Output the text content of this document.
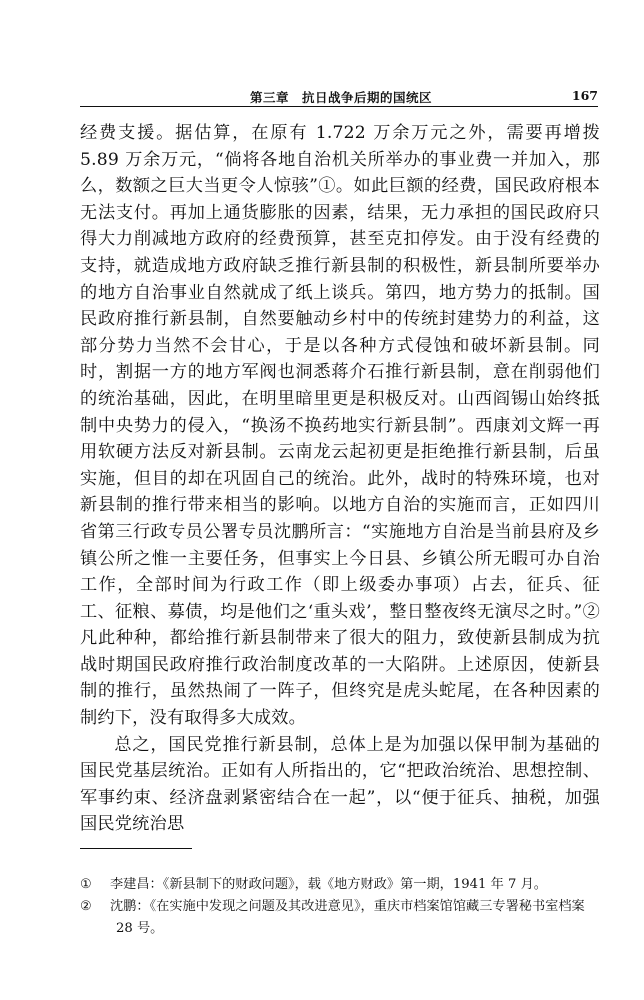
第三章　抗日战争后期的国统区	167

经费支援。据估算，在原有 1.722 万余万元之外，需要再增拨 5.89 万余万元，“倘将各地自治机关所举办的事业费一并加入，那么，数额之巨大当更令人惊骇”①。如此巨额的经费，国民政府根本无法支付。再加上通货膨胀的因素，结果，无力承担的国民政府只得大力削减地方政府的经费预算，甚至克扣停发。由于没有经费的支持，就造成地方政府缺乏推行新县制的积极性，新县制所要举办的地方自治事业自然就成了纸上谈兵。第四，地方势力的抵制。国民政府推行新县制，自然要触动乡村中的传统封建势力的利益，这部分势力当然不会甘心，于是以各种方式侵蚀和破坏新县制。同时，割据一方的地方军阀也洞悉蒋介石推行新县制，意在削弱他们的统治基础，因此，在明里暗里更是积极反对。山西阎锡山始终抵制中央势力的侵入，“换汤不换药地实行新县制”。西康刘文辉一再用软硬方法反对新县制。云南龙云起初更是拒绝推行新县制，后虽实施，但目的却在巩固自己的统治。此外，战时的特殊环境，也对新县制的推行带来相当的影响。以地方自治的实施而言，正如四川省第三行政专员公署专员沈鹏所言：“实施地方自治是当前县府及乡镇公所之惟一主要任务，但事实上今日县、乡镇公所无暇可办自治工作，全部时间为行政工作（即上级委办事项）占去，征兵、征工、征粮、募债，均是他们之‘重头戏’，整日整夜终无演尽之时。”②凡此种种，都给推行新县制带来了很大的阻力，致使新县制成为抗战时期国民政府推行政治制度改革的一大陷阱。上述原因，使新县制的推行，虽然热闹了一阵子，但终究是虎头蛇尾，在各种因素的制约下，没有取得多大成效。

总之，国民党推行新县制，总体上是为加强以保甲制为基础的国民党基层统治。正如有人所指出的，它“把政治统治、思想控制、军事约束、经济盘剥紧密结合在一起”，以“便于征兵、抽税，加强国民党统治思

① 李建昌：《新县制下的财政问题》，载《地方财政》第一期，1941 年 7 月。

② 沈鹏：《在实施中发现之问题及其改进意见》，重庆市档案馆馆藏三专署秘书室档案 28 号。
